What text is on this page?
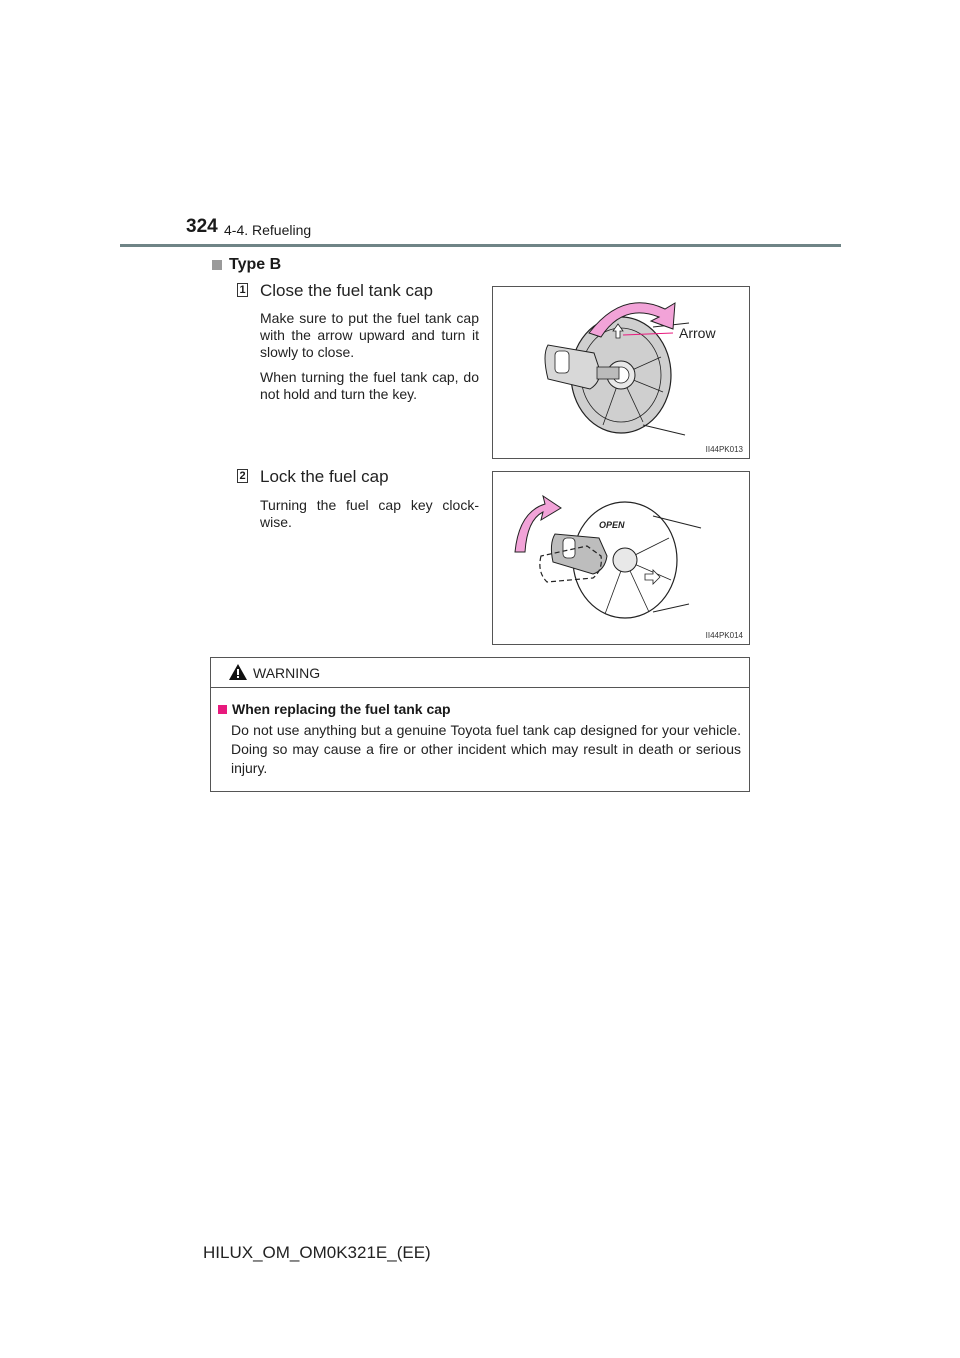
324 4-4. Refueling
Type B
1 Close the fuel tank cap
Make sure to put the fuel tank cap with the arrow upward and turn it slowly to close.
When turning the fuel tank cap, do not hold and turn the key.
Arrow
II44PK013
2 Lock the fuel cap
Turning the fuel cap key clock- wise.	OPEN
II44PK014
WARNING
When replacing the fuel tank cap
Do not use anything but a genuine Toyota fuel tank cap designed for your vehicle. Doing so may cause a fire or other incident which may result in death or serious injury.
HILUX_OM_OM0K321E_(EE)
